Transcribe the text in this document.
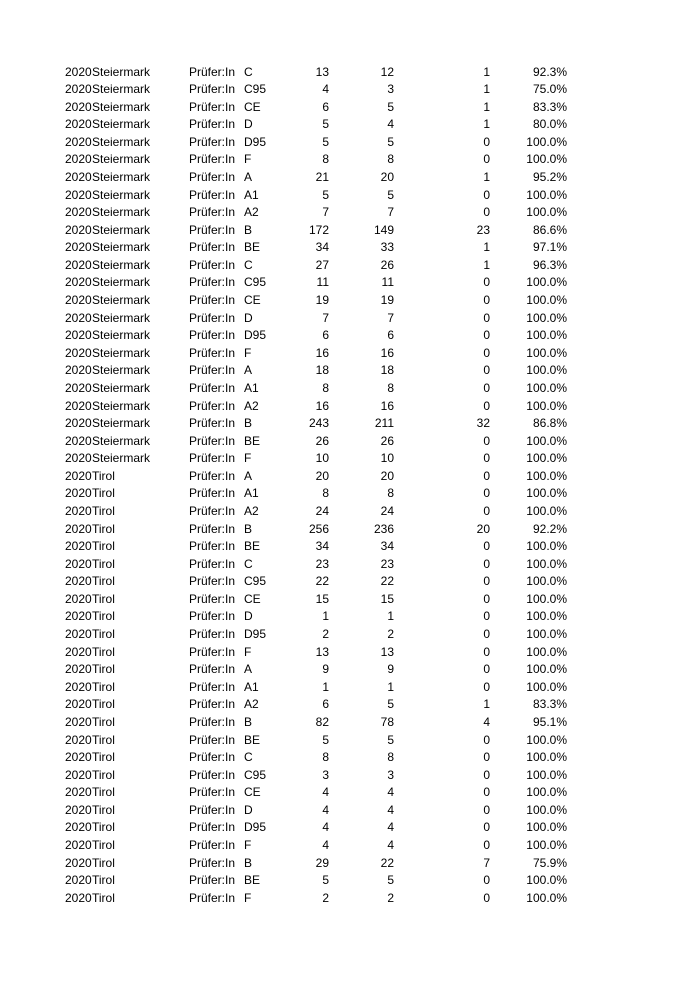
2020 Steiermark	Prüfer:In C	13	12	1	92.3%
2020 Steiermark	Prüfer:In C95	4	3	1	75.0%
2020 Steiermark	Prüfer:In CE	6	5	1	83.3%
2020 Steiermark	Prüfer:In D	5	4	1	80.0%
2020 Steiermark	Prüfer:In D95	5	5	0	100.0%
2020 Steiermark	Prüfer:In F	8	8	0	100.0%
2020 Steiermark	Prüfer:In A	21	20	1	95.2%
2020 Steiermark	Prüfer:In A1	5	5	0	100.0%
2020 Steiermark	Prüfer:In A2	7	7	0	100.0%
2020 Steiermark	Prüfer:In B	172	149	23	86.6%
2020 Steiermark	Prüfer:In BE	34	33	1	97.1%
2020 Steiermark	Prüfer:In C	27	26	1	96.3%
2020 Steiermark	Prüfer:In C95	11	11	0	100.0%
2020 Steiermark	Prüfer:In CE	19	19	0	100.0%
2020 Steiermark	Prüfer:In D	7	7	0	100.0%
2020 Steiermark	Prüfer:In D95	6	6	0	100.0%
2020 Steiermark	Prüfer:In F	16	16	0	100.0%
2020 Steiermark	Prüfer:In A	18	18	0	100.0%
2020 Steiermark	Prüfer:In A1	8	8	0	100.0%
2020 Steiermark	Prüfer:In A2	16	16	0	100.0%
2020 Steiermark	Prüfer:In B	243	211	32	86.8%
2020 Steiermark	Prüfer:In BE	26	26	0	100.0%
2020 Steiermark	Prüfer:In F	10	10	0	100.0%
2020 Tirol	Prüfer:In A	20	20	0	100.0%
2020 Tirol	Prüfer:In A1	8	8	0	100.0%
2020 Tirol	Prüfer:In A2	24	24	0	100.0%
2020 Tirol	Prüfer:In B	256	236	20	92.2%
2020 Tirol	Prüfer:In BE	34	34	0	100.0%
2020 Tirol	Prüfer:In C	23	23	0	100.0%
2020 Tirol	Prüfer:In C95	22	22	0	100.0%
2020 Tirol	Prüfer:In CE	15	15	0	100.0%
2020 Tirol	Prüfer:In D	1	1	0	100.0%
2020 Tirol	Prüfer:In D95	2	2	0	100.0%
2020 Tirol	Prüfer:In F	13	13	0	100.0%
2020 Tirol	Prüfer:In A	9	9	0	100.0%
2020 Tirol	Prüfer:In A1	1	1	0	100.0%
2020 Tirol	Prüfer:In A2	6	5	1	83.3%
2020 Tirol	Prüfer:In B	82	78	4	95.1%
2020 Tirol	Prüfer:In BE	5	5	0	100.0%
2020 Tirol	Prüfer:In C	8	8	0	100.0%
2020 Tirol	Prüfer:In C95	3	3	0	100.0%
2020 Tirol	Prüfer:In CE	4	4	0	100.0%
2020 Tirol	Prüfer:In D	4	4	0	100.0%
2020 Tirol	Prüfer:In D95	4	4	0	100.0%
2020 Tirol	Prüfer:In F	4	4	0	100.0%
2020 Tirol	Prüfer:In B	29	22	7	75.9%
2020 Tirol	Prüfer:In BE	5	5	0	100.0%
2020 Tirol	Prüfer:In F	2	2	0	100.0%
